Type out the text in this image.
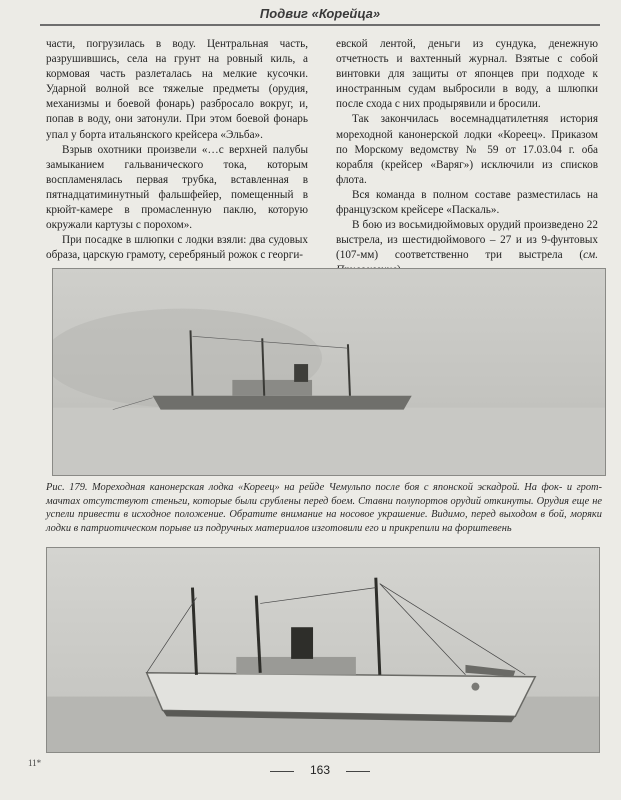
Подвиг «Корейца»

части, погрузилась в воду. Центральная часть, разрушившись, села на грунт на ровный киль, а кормовая часть разлеталась на мелкие кусочки. Ударной волной все тяжелые предметы (орудия, механизмы и боевой фонарь) разбросало вокруг, и, попав в воду, они затонули. При этом боевой фонарь упал у борта итальянского крейсера «Эльба».

Взрыв охотники произвели «…с верхней палубы замыканием гальванического тока, которым воспламенялась первая трубка, вставленная в пятнадцатиминутный фальшфейер, помещенный в крюйт-камере в промасленную паклю, которую окружали картузы с порохом».

При посадке в шлюпки с лодки взяли: два судовых образа, царскую грамоту, серебряный рожок с георги-

евской лентой, деньги из сундука, денежную отчетность и вахтенный журнал. Взятые с собой винтовки для защиты от японцев при подходе к иностранным судам выбросили в воду, а шлюпки после схода с них продырявили и бросили.

Так закончилась восемнадцатилетняя история мореходной канонерской лодки «Кореец». Приказом по Морскому ведомству № 59 от 17.03.04 г. оба корабля (крейсер «Варяг») исключили из списков флота.

Вся команда в полном составе разместилась на французском крейсере «Паскаль».

В бою из восьмидюймовых орудий произведено 22 выстрела, из шестидюймового – 27 и из 9-фунтовых (107-мм) соответственно три выстрела (см.

Рис. 179. Мореходная канонерская лодка «Кореец» на рейде Чемульпо после боя с японской эскадрой. На фок- и грот-мачтах отсутствуют стеньги, которые были срублены перед боем. Ставни полупортов орудий откинуты. Орудия еще не успели привести в исходное положение. Обратите внимание на носовое украшение. Видимо, перед выходом в бой, моряки лодки в патриотическом порыве из подручных материалов изготовили его и прикрепили на форштевень
11*	163
